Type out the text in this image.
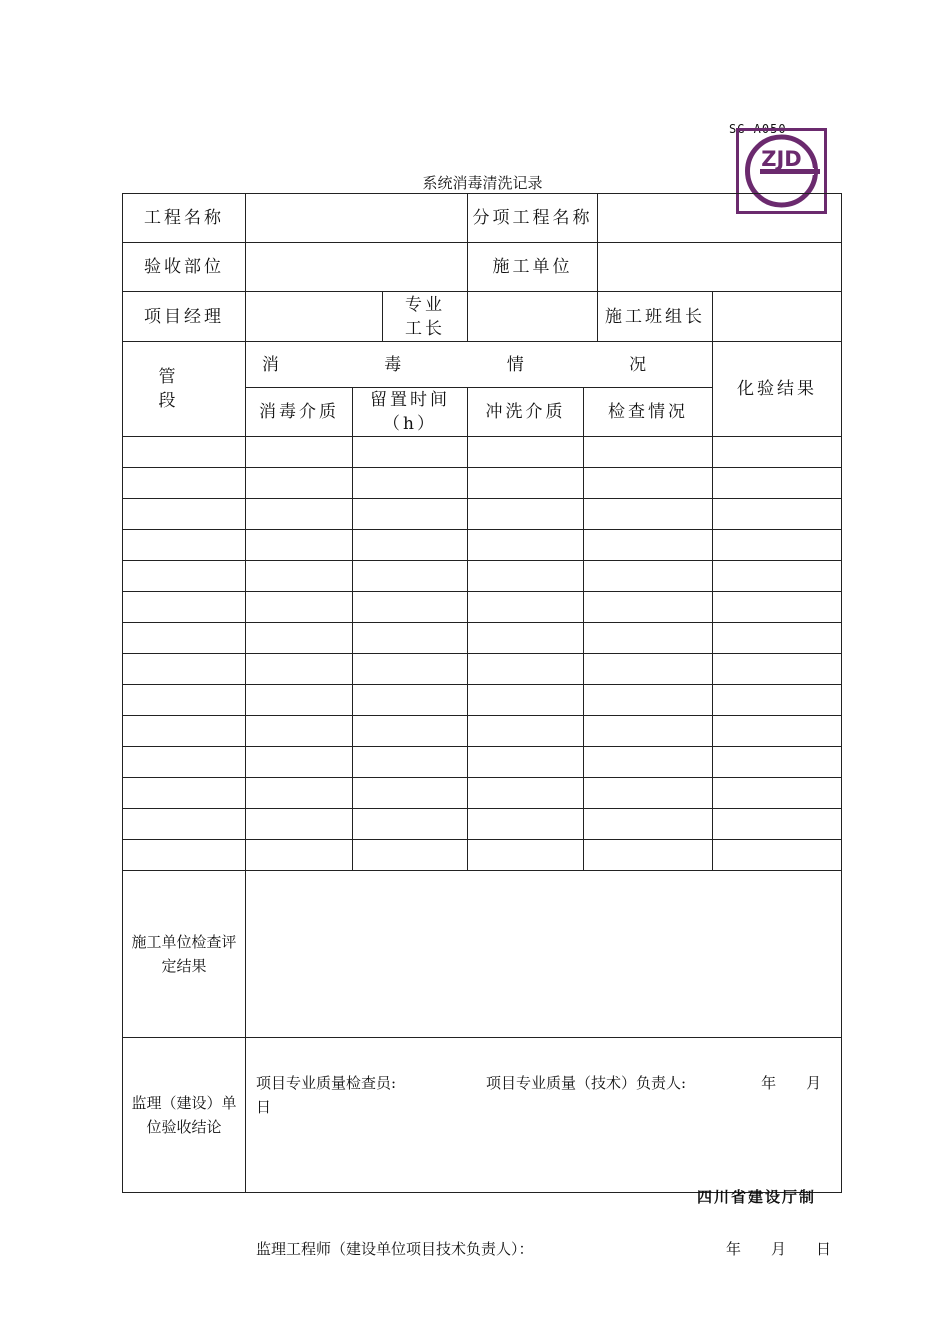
SG-A050
ZJD
系统消毒清洗记录
工程名称				分项工程名称			
验收部位				施工单位			
项目经理			专业工长			施工班组长	
管 段	消 毒 情 况						化验结果
	消毒介质	留置时间（h）		冲洗介质	检查情况		

施工单位检查评定结果	项目专业质量检查员:　　　　　　项目专业质量（技术）负责人:　　　　　年　　月　　日						

监理（建设）单位验收结论	监理工程师（建设单位项目技术负责人）： 年　　月　　日						
四川省建设厅制
